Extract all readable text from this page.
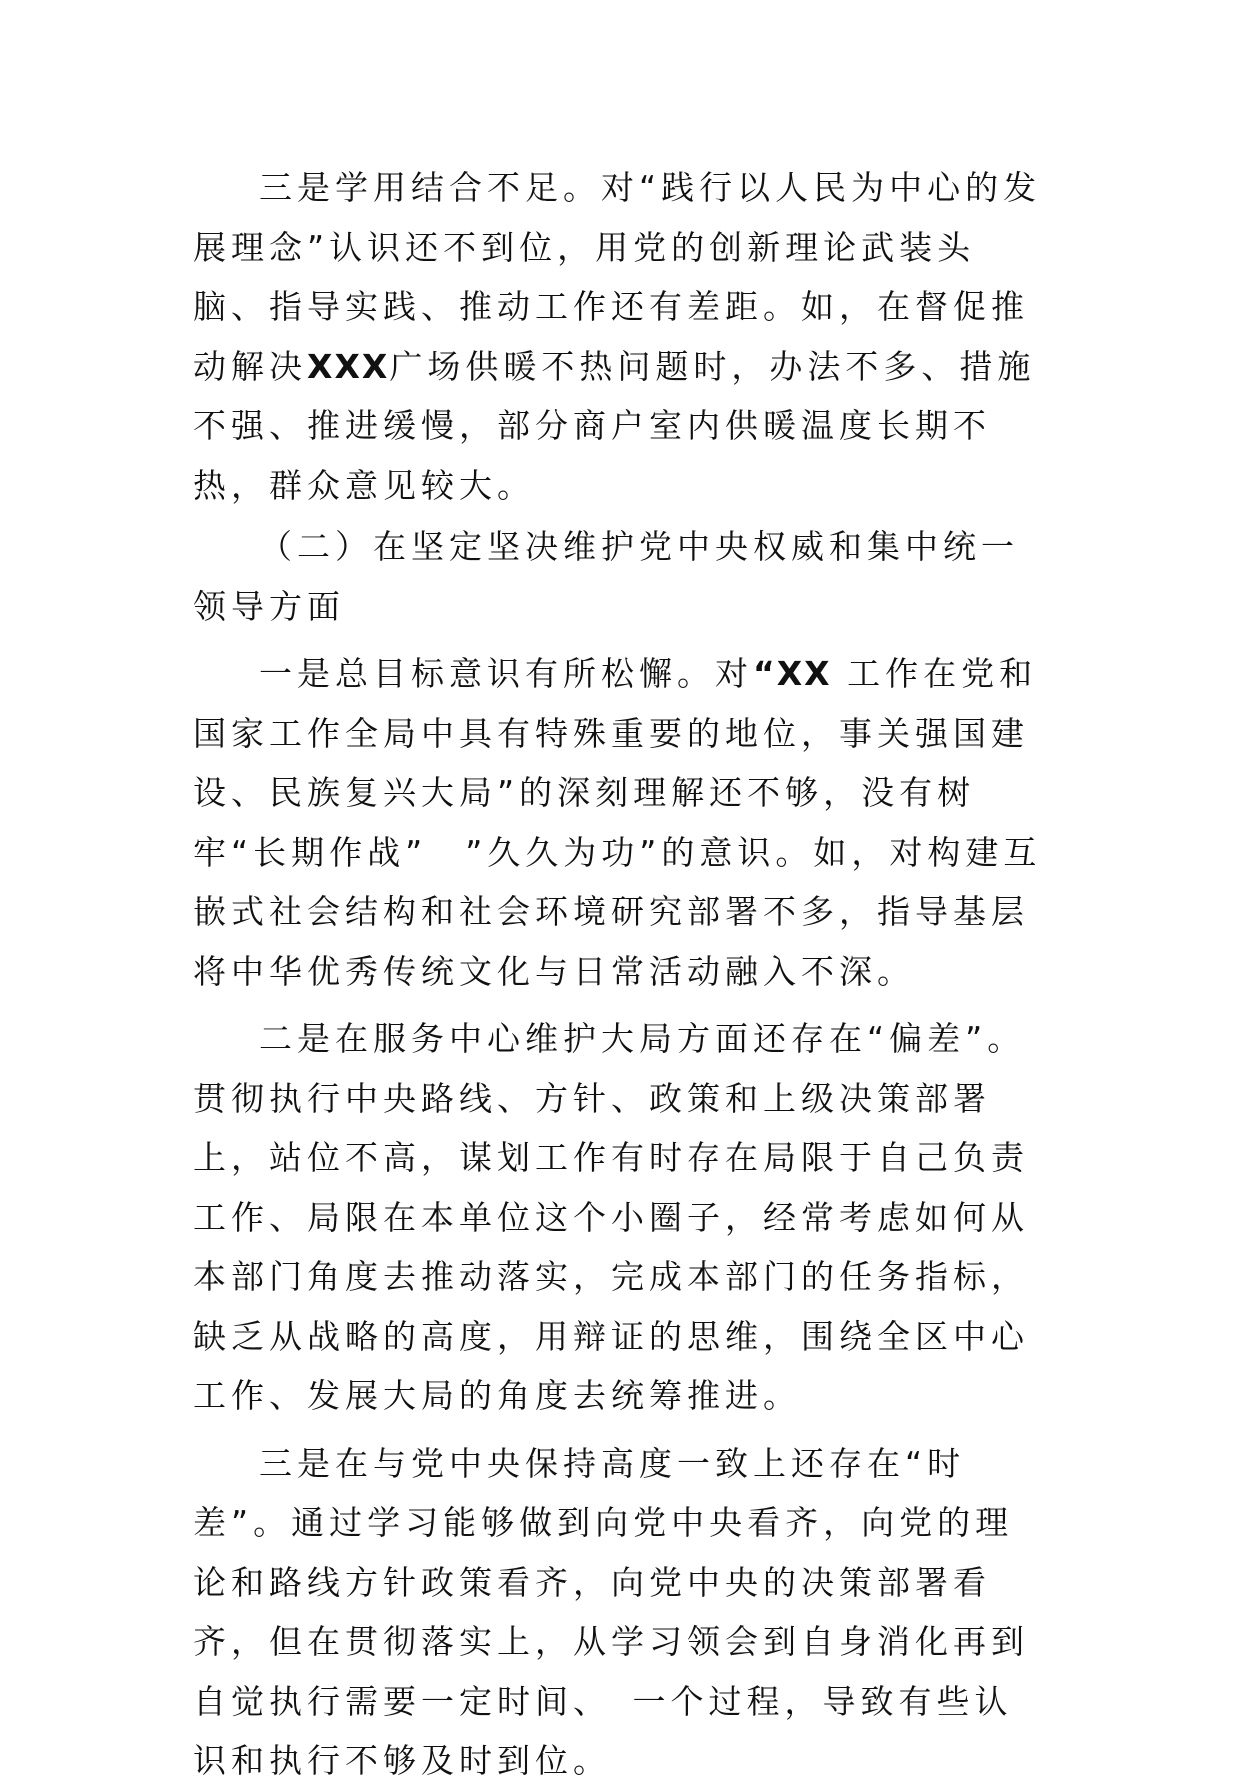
三是学用结合不足。对“践行以人民为中心的发展理念”认识还不到位，用党的创新理论武装头脑、指导实践、推动工作还有差距。如，在督促推动解决XXX广场供暖不热问题时，办法不多、措施不强、推进缓慢，部分商户室内供暖温度长期不热，群众意见较大。

（二）在坚定坚决维护党中央权威和集中统一领导方面

一是总目标意识有所松懈。对“XX 工作在党和国家工作全局中具有特殊重要的地位，事关强国建设、民族复兴大局”的深刻理解还不够，没有树牢“长期作战”　”久久为功”的意识。如，对构建互嵌式社会结构和社会环境研究部署不多，指导基层将中华优秀传统文化与日常活动融入不深。

二是在服务中心维护大局方面还存在“偏差”。贯彻执行中央路线、方针、政策和上级决策部署上，站位不高，谋划工作有时存在局限于自己负责工作、局限在本单位这个小圈子，经常考虑如何从本部门角度去推动落实，完成本部门的任务指标，缺乏从战略的高度，用辩证的思维，围绕全区中心工作、发展大局的角度去统筹推进。

三是在与党中央保持高度一致上还存在“时差”。通过学习能够做到向党中央看齐，向党的理论和路线方针政策看齐，向党中央的决策部署看齐，但在贯彻落实上，从学习领会到自身消化再到自觉执行需要一定时间、　一个过程，导致有些认识和执行不够及时到位。
